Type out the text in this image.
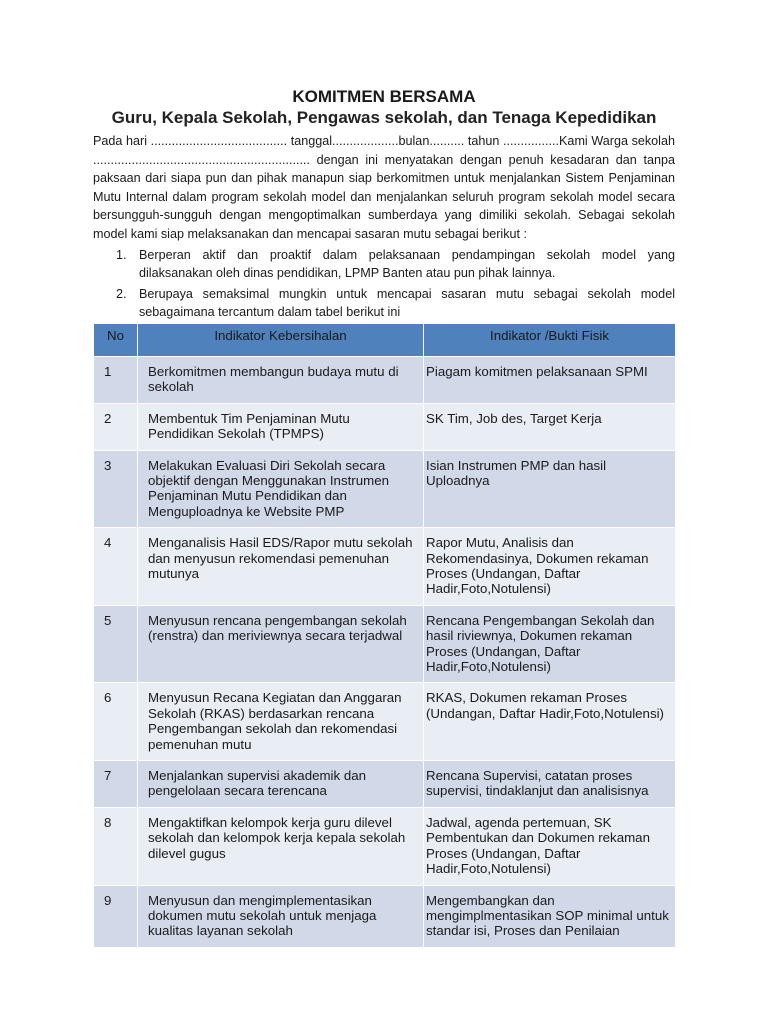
KOMITMEN BERSAMA

Guru, Kepala Sekolah, Pengawas sekolah, dan Tenaga Kepedidikan

Pada hari ....................................... tanggal...................bulan.......... tahun ................Kami Warga sekolah .............................................................. dengan ini menyatakan dengan penuh kesadaran dan tanpa paksaan dari siapa pun dan pihak manapun siap berkomitmen untuk menjalankan Sistem Penjaminan Mutu Internal dalam program sekolah model dan menjalankan seluruh program sekolah model secara bersungguh-sungguh dengan mengoptimalkan sumberdaya yang dimiliki sekolah. Sebagai sekolah model kami siap melaksanakan dan mencapai sasaran mutu sebagai berikut :

1. Berperan aktif dan proaktif dalam pelaksanaan pendampingan sekolah model yang dilaksanakan oleh dinas pendidikan, LPMP Banten atau pun pihak lainnya.
2. Berupaya semaksimal mungkin untuk mencapai sasaran mutu sebagai sekolah model sebagaimana tercantum dalam tabel berikut ini
No	Indikator Kebersihalan	Indikator /Bukti Fisik
1	Berkomitmen membangun budaya mutu di sekolah	Piagam komitmen pelaksanaan SPMI
2	Membentuk Tim Penjaminan Mutu Pendidikan Sekolah (TPMPS)	SK Tim, Job des, Target Kerja
3	Melakukan Evaluasi Diri Sekolah secara objektif dengan Menggunakan Instrumen Penjaminan Mutu Pendidikan dan Menguploadnya ke Website PMP	Isian Instrumen PMP dan hasil Uploadnya
4	Menganalisis Hasil EDS/Rapor mutu sekolah dan menyusun rekomendasi pemenuhan mutunya	Rapor Mutu, Analisis dan Rekomendasinya, Dokumen rekaman Proses (Undangan, Daftar Hadir,Foto,Notulensi)
5	Menyusun rencana pengembangan sekolah (renstra) dan meriviewnya secara terjadwal	Rencana Pengembangan Sekolah dan hasil riviewnya, Dokumen rekaman Proses (Undangan, Daftar Hadir,Foto,Notulensi)
6	Menyusun Recana Kegiatan dan Anggaran Sekolah (RKAS) berdasarkan rencana Pengembangan sekolah dan rekomendasi pemenuhan mutu	RKAS, Dokumen rekaman Proses (Undangan, Daftar Hadir,Foto,Notulensi)
7	Menjalankan supervisi akademik dan pengelolaan secara terencana	Rencana Supervisi, catatan proses supervisi, tindaklanjut dan analisisnya
8	Mengaktifkan kelompok kerja guru dilevel sekolah dan kelompok kerja kepala sekolah dilevel gugus	Jadwal, agenda pertemuan, SK Pembentukan dan Dokumen rekaman Proses (Undangan, Daftar Hadir,Foto,Notulensi)
9	Menyusun dan mengimplementasikan dokumen mutu sekolah untuk menjaga kualitas layanan sekolah	Mengembangkan dan mengimplmentasikan SOP minimal untuk standar isi, Proses dan Penilaian
